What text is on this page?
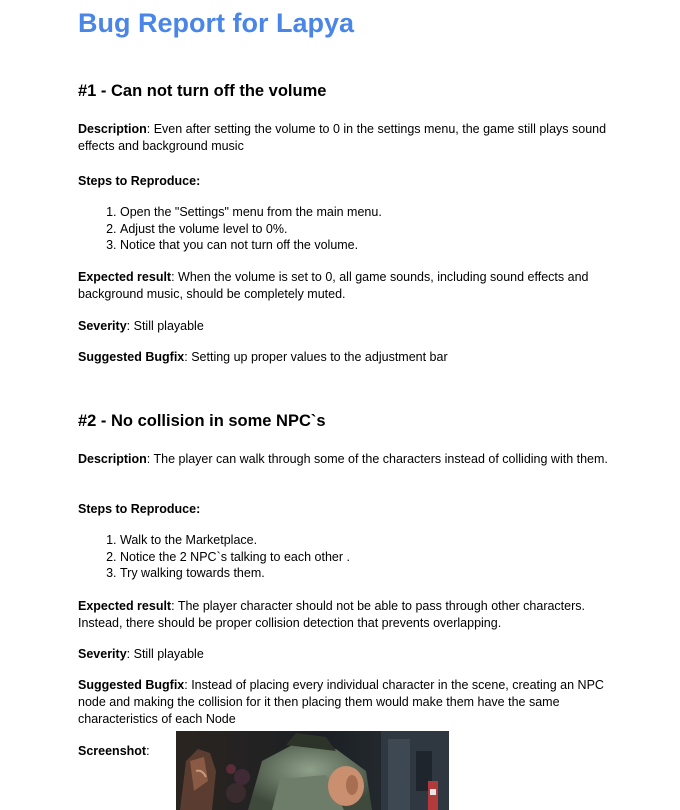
Bug Report for Lapya
#1 - Can not turn off the volume

Description: Even after setting the volume to 0 in the settings menu, the game still plays sound effects and background music

Steps to Reproduce:

1. Open the "Settings" menu from the main menu.
2. Adjust the volume level to 0%.
3. Notice that you can not turn off the volume.

Expected result: When the volume is set to 0, all game sounds, including sound effects and background music, should be completely muted.

Severity: Still playable

Suggested Bugfix: Setting up proper values to the adjustment bar

#2 - No collision in some NPC`s

Description: The player can walk through some of the characters instead of colliding with them.

Steps to Reproduce:

1. Walk to the Marketplace.
2. Notice the 2 NPC`s talking to each other .
3. Try walking towards them.

Expected result: The player character should not be able to pass through other characters. Instead, there should be proper collision detection that prevents overlapping.

Severity: Still playable

Suggested Bugfix: Instead of placing every individual character in the scene, creating an NPC node and making the collision for it then placing them would make them have the same characteristics of each Node

Screenshot:
